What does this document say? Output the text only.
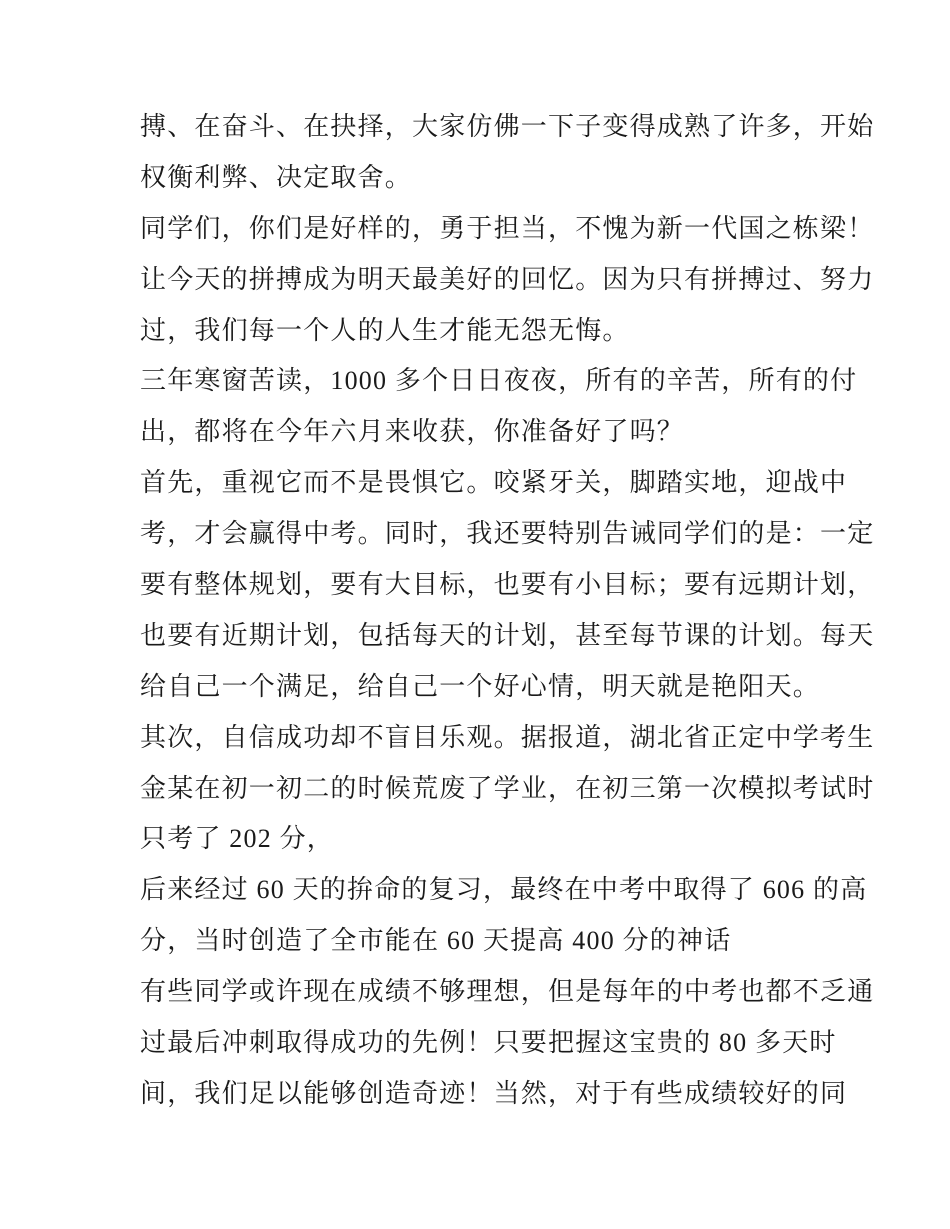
搏、在奋斗、在抉择，大家仿佛一下子变得成熟了许多，开始
权衡利弊、决定取舍。
同学们，你们是好样的，勇于担当，不愧为新一代国之栋梁！
让今天的拼搏成为明天最美好的回忆。因为只有拼搏过、努力
过，我们每一个人的人生才能无怨无悔。
三年寒窗苦读，1000 多个日日夜夜，所有的辛苦，所有的付
出，都将在今年六月来收获，你准备好了吗？
首先，重视它而不是畏惧它。咬紧牙关，脚踏实地，迎战中
考，才会赢得中考。同时，我还要特别告诫同学们的是：一定
要有整体规划，要有大目标，也要有小目标；要有远期计划，
也要有近期计划，包括每天的计划，甚至每节课的计划。每天
给自己一个满足，给自己一个好心情，明天就是艳阳天。
其次，自信成功却不盲目乐观。据报道，湖北省正定中学考生
金某在初一初二的时候荒废了学业，在初三第一次模拟考试时
只考了 202 分，
后来经过 60 天的拚命的复习，最终在中考中取得了 606 的高
分，当时创造了全市能在 60 天提高 400 分的神话
有些同学或许现在成绩不够理想，但是每年的中考也都不乏通
过最后冲刺取得成功的先例！只要把握这宝贵的 80 多天时
间，我们足以能够创造奇迹！当然，对于有些成绩较好的同
